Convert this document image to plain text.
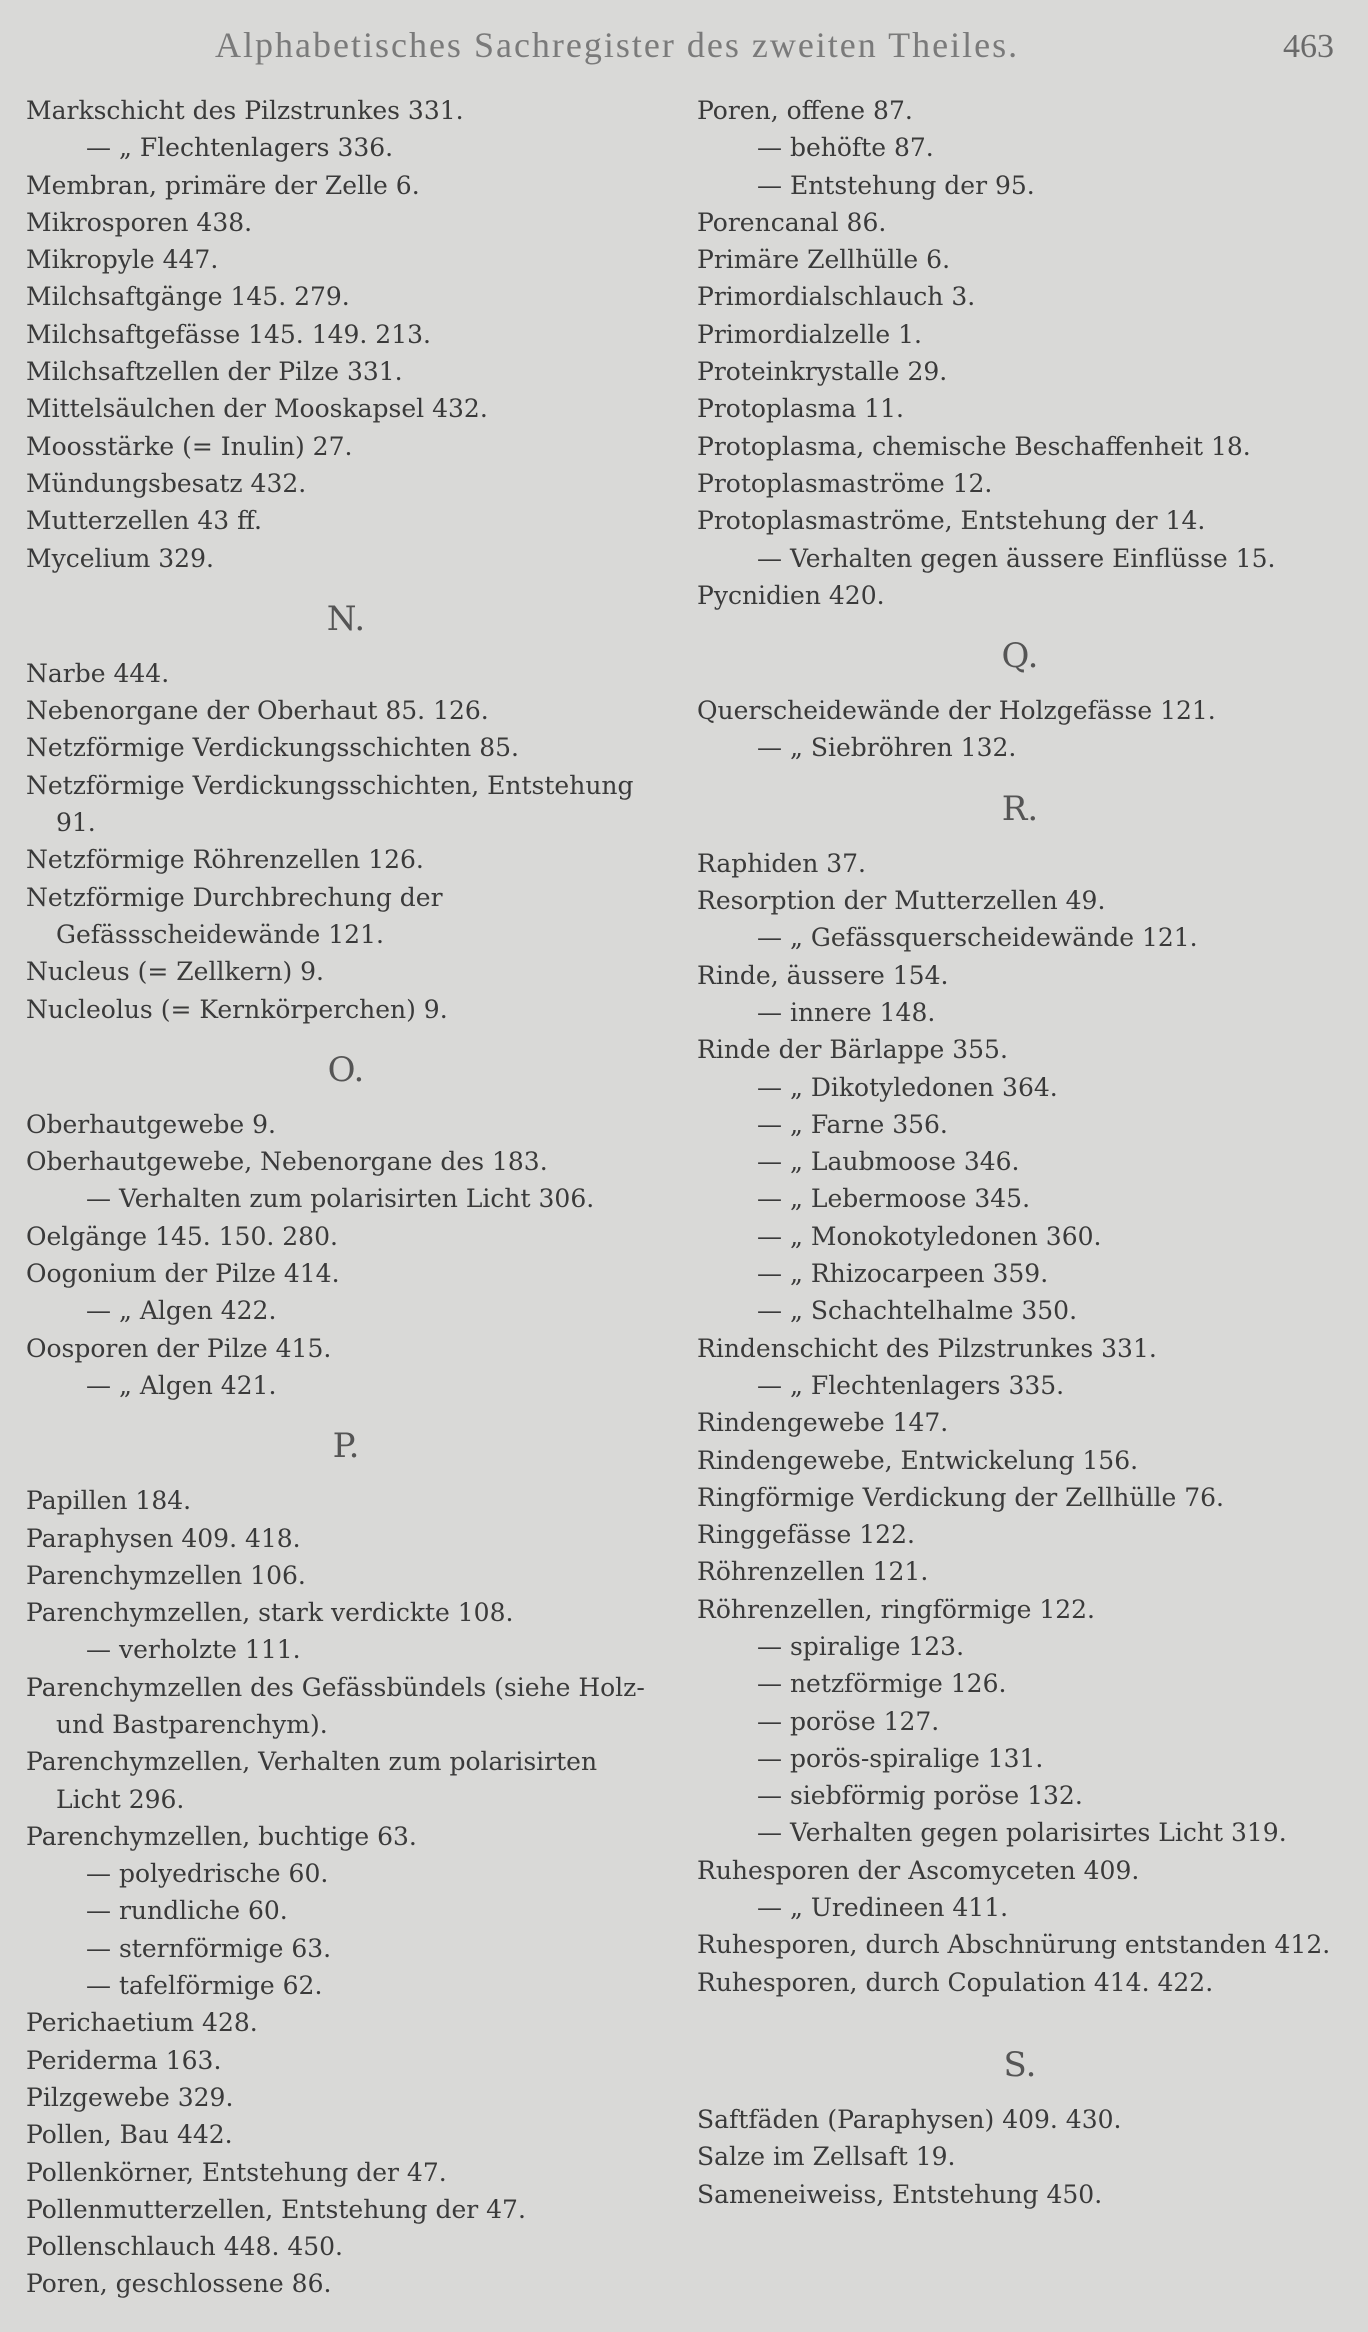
Alphabetisches Sachregister des zweiten Theiles.	463
Markschicht des Pilzstrunkes 331.
— „ Flechtenlagers 336.
Membran, primäre der Zelle 6.
Mikrosporen 438.
Mikropyle 447.
Milchsaftgänge 145. 279.
Milchsaftgefässe 145. 149. 213.
Milchsaftzellen der Pilze 331.
Mittelsäulchen der Mooskapsel 432.
Moosstärke (= Inulin) 27.
Mündungsbesatz 432.
Mutterzellen 43 ff.
Mycelium 329.
N.
Narbe 444.
Nebenorgane der Oberhaut 85. 126.
Netzförmige Verdickungsschichten 85.
Netzförmige Verdickungsschichten, Entstehung 91.
Netzförmige Röhrenzellen 126.
Netzförmige Durchbrechung der Gefässscheidewände 121.
Nucleus (= Zellkern) 9.
Nucleolus (= Kernkörperchen) 9.
O.
Oberhautgewebe 9.
Oberhautgewebe, Nebenorgane des 183.
— Verhalten zum polarisirten Licht 306.
Oelgänge 145. 150. 280.
Oogonium der Pilze 414.
— „ Algen 422.
Oosporen der Pilze 415.
— „ Algen 421.
P.
Papillen 184.
Paraphysen 409. 418.
Parenchymzellen 106.
Parenchymzellen, stark verdickte 108.
— verholzte 111.
Parenchymzellen des Gefässbündels (siehe Holz- und Bastparenchym).
Parenchymzellen, Verhalten zum polarisirten Licht 296.
Parenchymzellen, buchtige 63.
— polyedrische 60.
— rundliche 60.
— sternförmige 63.
— tafelförmige 62.
Perichaetium 428.
Periderma 163.
Pilzgewebe 329.
Pollen, Bau 442.
Pollenkörner, Entstehung der 47.
Pollenmutterzellen, Entstehung der 47.
Pollenschlauch 448. 450.
Poren, geschlossene 86.
Poren, offene 87.
— behöfte 87.
— Entstehung der 95.
Porencanal 86.
Primäre Zellhülle 6.
Primordialschlauch 3.
Primordialzelle 1.
Proteinkrystalle 29.
Protoplasma 11.
Protoplasma, chemische Beschaffenheit 18.
Protoplasmaströme 12.
Protoplasmaströme, Entstehung der 14.
— Verhalten gegen äussere Einflüsse 15.
Pycnidien 420.
Q.
Querscheidewände der Holzgefässe 121.
— „ Siebröhren 132.
R.
Raphiden 37.
Resorption der Mutterzellen 49.
— „ Gefässquerscheidewände 121.
Rinde, äussere 154.
— innere 148.
Rinde der Bärlappe 355.
— „ Dikotyledonen 364.
— „ Farne 356.
— „ Laubmoose 346.
— „ Lebermoose 345.
— „ Monokotyledonen 360.
— „ Rhizocarpeen 359.
— „ Schachtelhalme 350.
Rindenschicht des Pilzstrunkes 331.
— „ Flechtenlagers 335.
Rindengewebe 147.
Rindengewebe, Entwickelung 156.
Ringförmige Verdickung der Zellhülle 76.
Ringgefässe 122.
Röhrenzellen 121.
Röhrenzellen, ringförmige 122.
— spiralige 123.
— netzförmige 126.
— poröse 127.
— porös-spiralige 131.
— siebförmig poröse 132.
— Verhalten gegen polarisirtes Licht 319.
Ruhesporen der Ascomyceten 409.
— „ Uredineen 411.
Ruhesporen, durch Abschnürung entstanden 412.
Ruhesporen, durch Copulation 414. 422.
S.
Saftfäden (Paraphysen) 409. 430.
Salze im Zellsaft 19.
Sameneiweiss, Entstehung 450.
